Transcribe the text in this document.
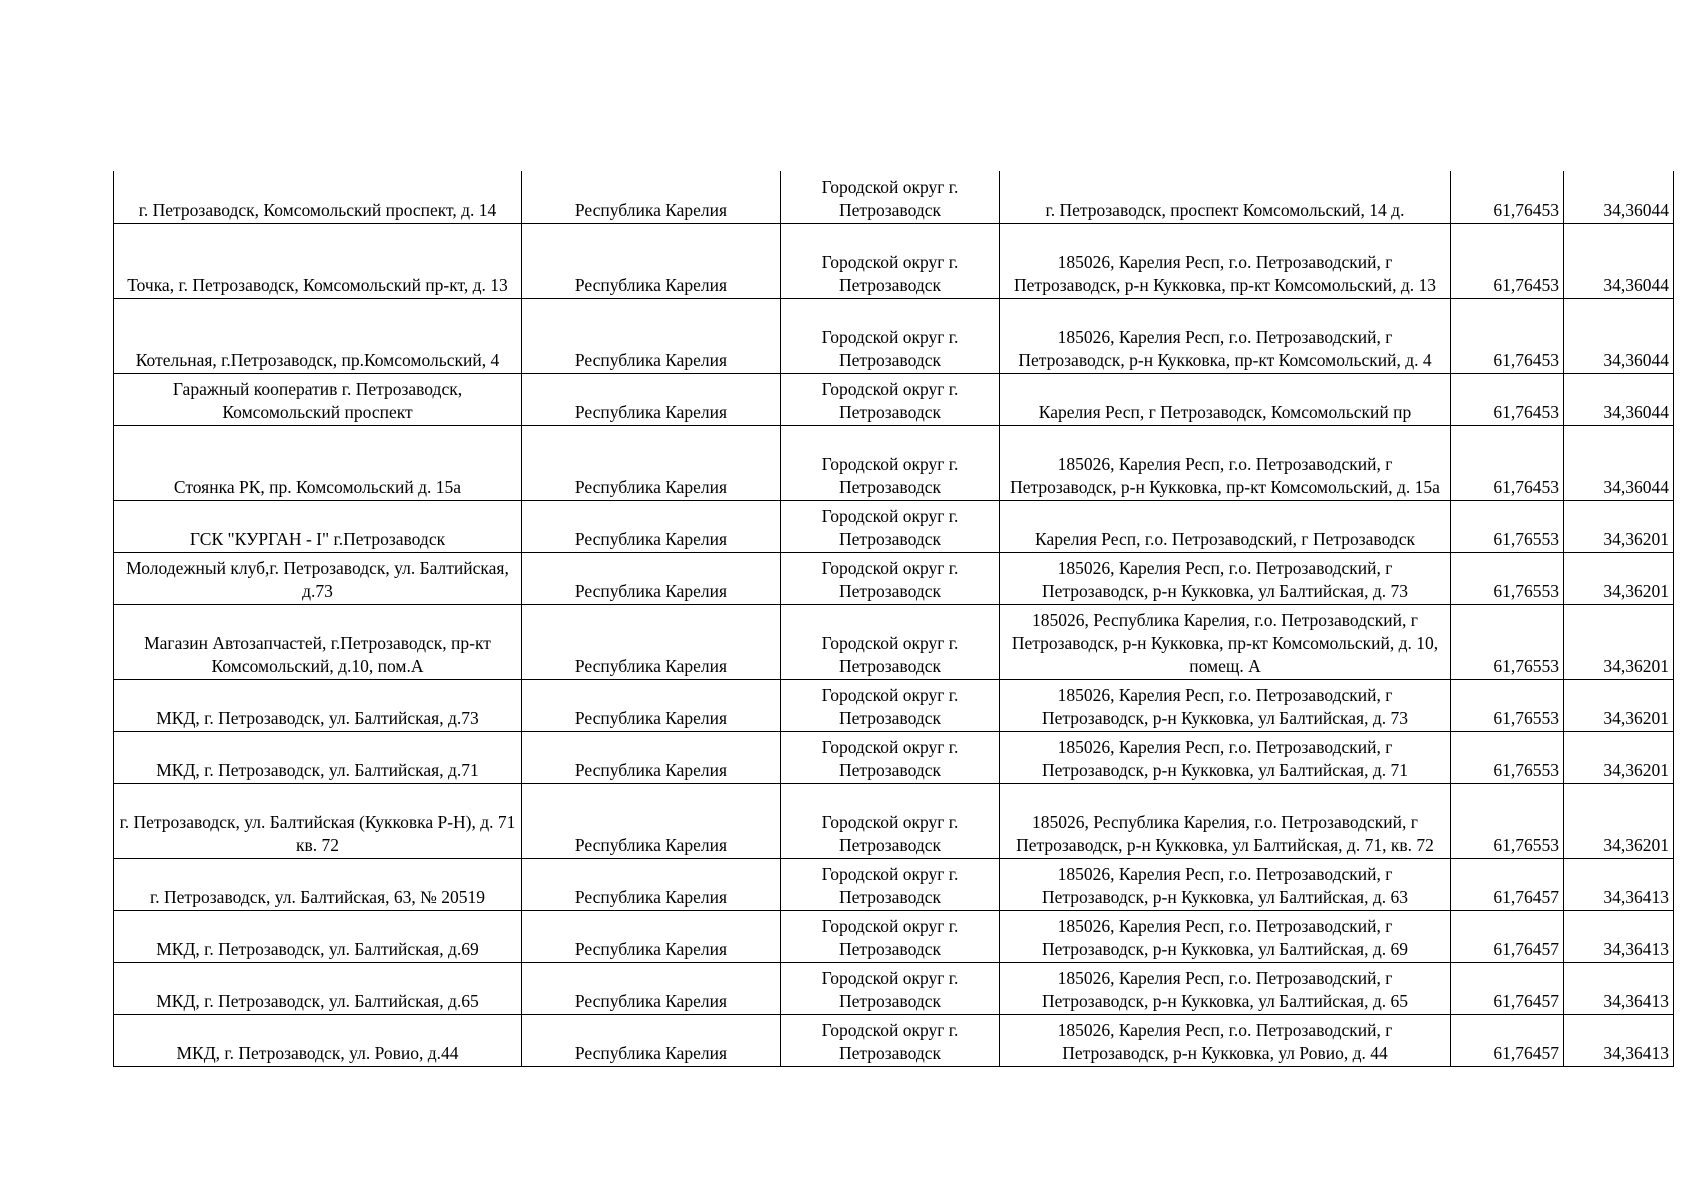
г. Петрозаводск, Комсомольский проспект, д. 14	Республика Карелия	Городской округ г. Петрозаводск	г. Петрозаводск, проспект Комсомольский, 14 д.	61,76453	34,36044
Точка, г. Петрозаводск, Комсомольский пр-кт, д. 13	Республика Карелия	Городской округ г. Петрозаводск	185026, Карелия Респ, г.о. Петрозаводский, г Петрозаводск, р-н Кукковка, пр-кт Комсомольский, д. 13	61,76453	34,36044
Котельная, г.Петрозаводск, пр.Комсомольский, 4	Республика Карелия	Городской округ г. Петрозаводск	185026, Карелия Респ, г.о. Петрозаводский, г Петрозаводск, р-н Кукковка, пр-кт Комсомольский, д. 4	61,76453	34,36044
Гаражный кооператив г. Петрозаводск, Комсомольский проспект	Республика Карелия	Городской округ г. Петрозаводск	Карелия Респ, г Петрозаводск, Комсомольский пр	61,76453	34,36044
Стоянка РК, пр. Комсомольский д. 15а	Республика Карелия	Городской округ г. Петрозаводск	185026, Карелия Респ, г.о. Петрозаводский, г Петрозаводск, р-н Кукковка, пр-кт Комсомольский, д. 15а	61,76453	34,36044
ГСК "КУРГАН - I" г.Петрозаводск	Республика Карелия	Городской округ г. Петрозаводск	Карелия Респ, г.о. Петрозаводский, г Петрозаводск	61,76553	34,36201
Молодежный клуб,г. Петрозаводск, ул. Балтийская, д.73	Республика Карелия	Городской округ г. Петрозаводск	185026, Карелия Респ, г.о. Петрозаводский, г Петрозаводск, р-н Кукковка, ул Балтийская, д. 73	61,76553	34,36201
Магазин Автозапчастей, г.Петрозаводск, пр-кт Комсомольский, д.10, пом.А	Республика Карелия	Городской округ г. Петрозаводск	185026, Республика Карелия, г.о. Петрозаводский, г Петрозаводск, р-н Кукковка, пр-кт Комсомольский, д. 10, помещ. А	61,76553	34,36201
МКД, г. Петрозаводск, ул. Балтийская, д.73	Республика Карелия	Городской округ г. Петрозаводск	185026, Карелия Респ, г.о. Петрозаводский, г Петрозаводск, р-н Кукковка, ул Балтийская, д. 73	61,76553	34,36201
МКД, г. Петрозаводск, ул. Балтийская, д.71	Республика Карелия	Городской округ г. Петрозаводск	185026, Карелия Респ, г.о. Петрозаводский, г Петрозаводск, р-н Кукковка, ул Балтийская, д. 71	61,76553	34,36201
г. Петрозаводск, ул. Балтийская (Кукковка Р-Н), д. 71 кв. 72	Республика Карелия	Городской округ г. Петрозаводск	185026, Республика Карелия, г.о. Петрозаводский, г Петрозаводск, р-н Кукковка, ул Балтийская, д. 71, кв. 72	61,76553	34,36201
г. Петрозаводск, ул. Балтийская, 63, № 20519	Республика Карелия	Городской округ г. Петрозаводск	185026, Карелия Респ, г.о. Петрозаводский, г Петрозаводск, р-н Кукковка, ул Балтийская, д. 63	61,76457	34,36413
МКД, г. Петрозаводск, ул. Балтийская, д.69	Республика Карелия	Городской округ г. Петрозаводск	185026, Карелия Респ, г.о. Петрозаводский, г Петрозаводск, р-н Кукковка, ул Балтийская, д. 69	61,76457	34,36413
МКД, г. Петрозаводск, ул. Балтийская, д.65	Республика Карелия	Городской округ г. Петрозаводск	185026, Карелия Респ, г.о. Петрозаводский, г Петрозаводск, р-н Кукковка, ул Балтийская, д. 65	61,76457	34,36413
МКД, г. Петрозаводск, ул. Ровио, д.44	Республика Карелия	Городской округ г. Петрозаводск	185026, Карелия Респ, г.о. Петрозаводский, г Петрозаводск, р-н Кукковка, ул Ровио, д. 44	61,76457	34,36413
